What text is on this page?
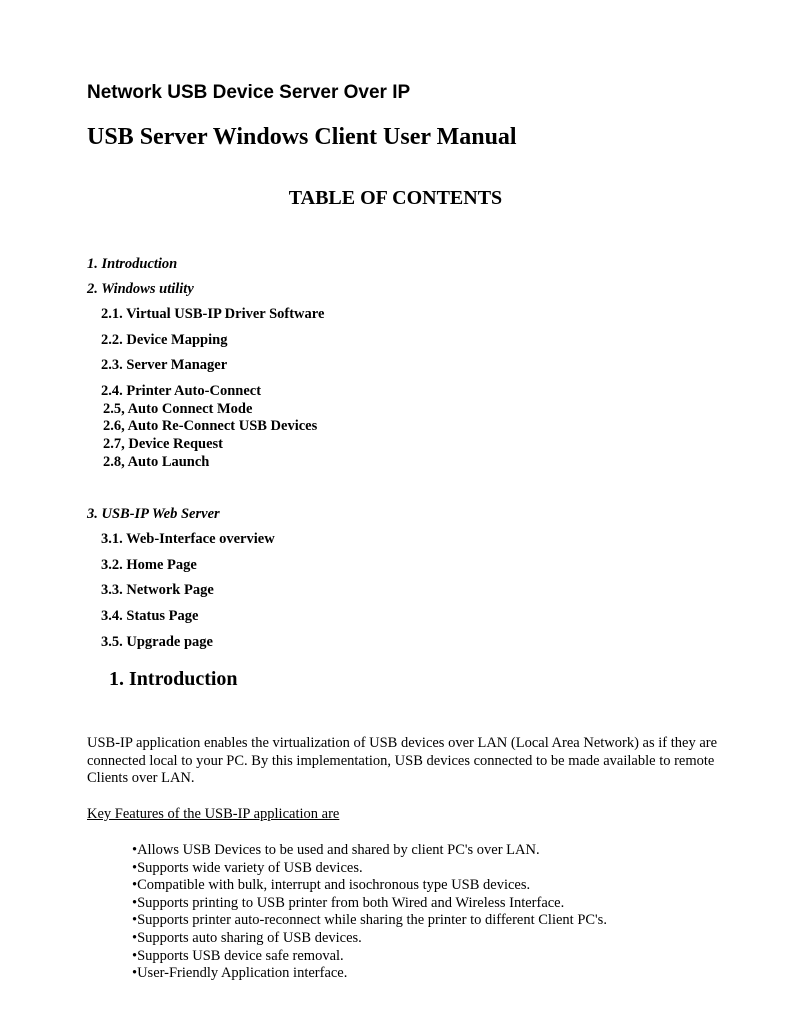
Network USB Device Server Over IP
USB Server Windows Client User Manual
TABLE OF CONTENTS
1. Introduction
2. Windows utility
2.1. Virtual USB-IP Driver Software
2.2. Device Mapping
2.3. Server Manager
2.4. Printer Auto-Connect
2.5, Auto Connect Mode
2.6, Auto Re-Connect USB Devices
2.7, Device Request
2.8, Auto Launch
3. USB-IP Web Server
3.1. Web-Interface overview
3.2. Home Page
3.3. Network Page
3.4. Status Page
3.5. Upgrade page
1. Introduction
USB-IP application enables the virtualization of USB devices over LAN (Local Area Network) as if they are connected local to your PC. By this implementation, USB devices connected to be made available to remote Clients over LAN.
Key Features of the USB-IP application are
• Allows USB Devices to be used and shared by client PC's over LAN.
• Supports wide variety of USB devices.
• Compatible with bulk, interrupt and isochronous type USB devices.
• Supports printing to USB printer from both Wired and Wireless Interface.
• Supports printer auto-reconnect while sharing the printer to different Client PC's.
• Supports auto sharing of USB devices.
• Supports USB device safe removal.
• User-Friendly Application interface.
